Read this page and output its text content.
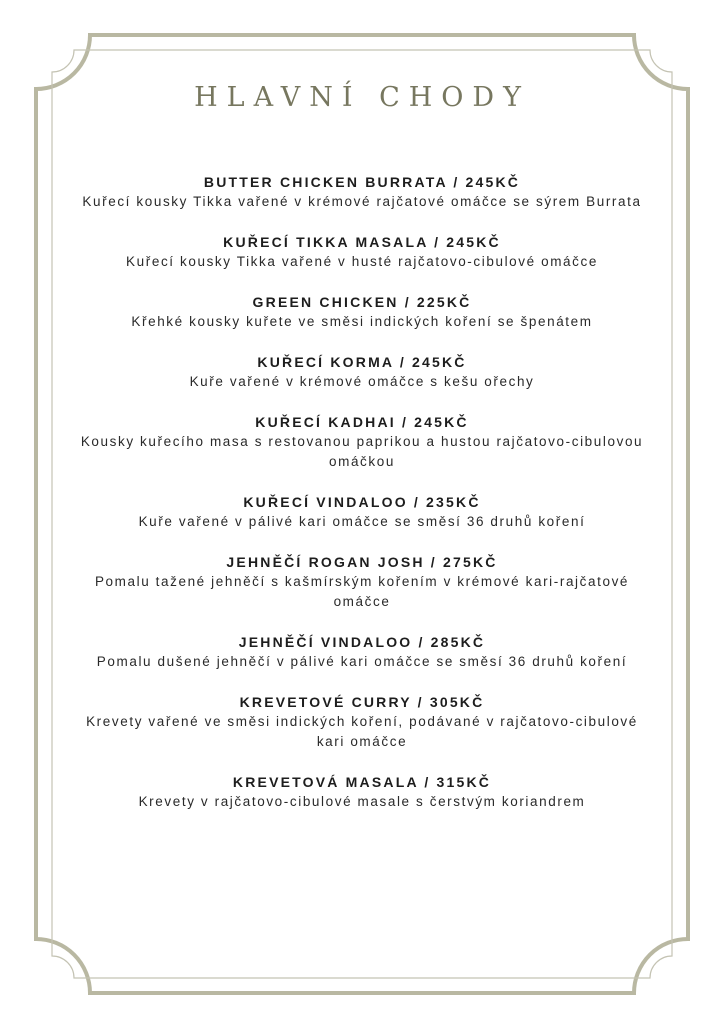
HLAVNÍ CHODY
BUTTER CHICKEN BURRATA / 245KČ
Kuřecí kousky Tikka vařené v krémové rajčatové omáčce se sýrem Burrata
KUŘECÍ TIKKA MASALA / 245KČ
Kuřecí kousky Tikka vařené v husté rajčatovo-cibulové omáčce
GREEN CHICKEN / 225KČ
Křehké kousky kuřete ve směsi indických koření se špenátem
KUŘECÍ KORMA / 245KČ
Kuře vařené v krémové omáčce s kešu ořechy
KUŘECÍ KADHAI / 245KČ
Kousky kuřecího masa s restovanou paprikou a hustou rajčatovo-cibulovou omáčkou
KUŘECÍ VINDALOO / 235KČ
Kuře vařené v pálivé kari omáčce se směsí 36 druhů koření
JEHNĚČÍ ROGAN JOSH / 275KČ
Pomalu tažené jehněčí s kašmírským kořením v krémové kari-rajčatové omáčce
JEHNĚČÍ VINDALOO / 285KČ
Pomalu dušené jehněčí v pálivé kari omáčce se směsí 36 druhů koření
KREVETOVÉ CURRY / 305KČ
Krevety vařené ve směsi indických koření, podávané v rajčatovo-cibulové kari omáčce
KREVETOVÁ MASALA / 315KČ
Krevety v rajčatovo-cibulové masale s čerstvým koriandrem
